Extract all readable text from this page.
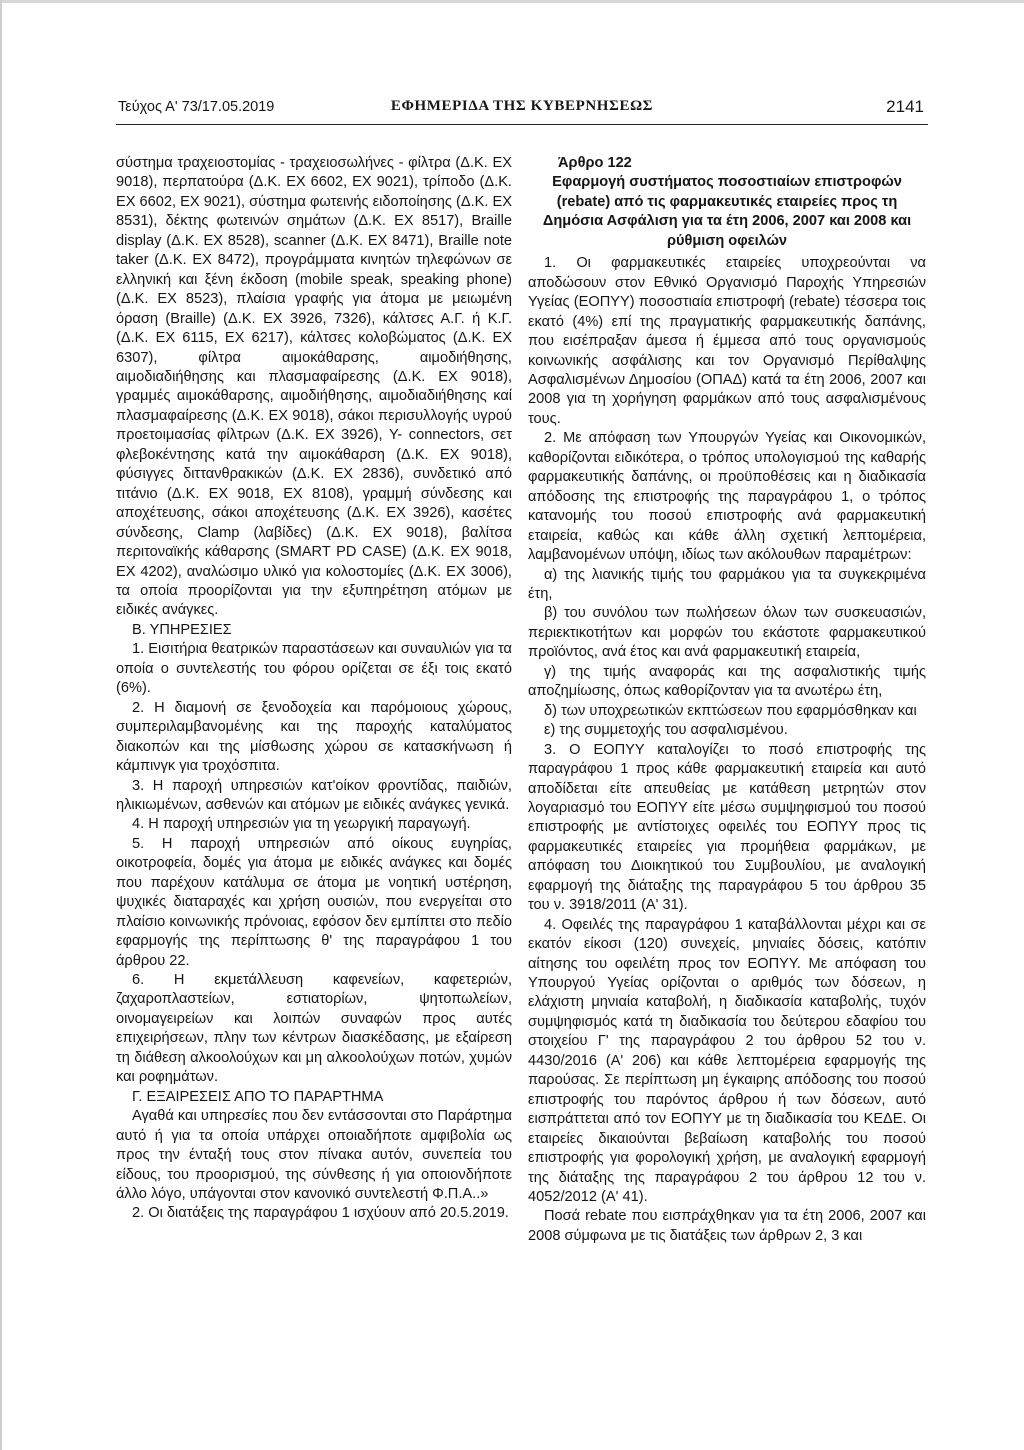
Τεύχος Α' 73/17.05.2019	ΕΦΗΜΕΡΙΔΑ ΤΗΣ ΚΥΒΕΡΝΗΣΕΩΣ	2141

σύστημα τραχειοστομίας - τραχειοσωλήνες - φίλτρα (Δ.Κ. ΕΧ 9018), περπατούρα (Δ.Κ. ΕΧ 6602, ΕΧ 9021), τρίποδο (Δ.Κ. ΕΧ 6602, ΕΧ 9021), σύστημα φωτεινής ειδοποίησης (Δ.Κ. ΕΧ 8531), δέκτης φωτεινών σημάτων (Δ.Κ. ΕΧ 8517), Braille display (Δ.Κ. ΕΧ 8528), scanner (Δ.Κ. ΕΧ 8471), Braille note taker (Δ.Κ. ΕΧ 8472), προγράμματα κινητών τηλεφώνων σε ελληνική και ξένη έκδοση (mobile speak, speaking phone) (Δ.Κ. ΕΧ 8523), πλαίσια γραφής για άτομα με μειωμένη όραση (Braille) (Δ.Κ. ΕΧ 3926, 7326), κάλτσες Α.Γ. ή Κ.Γ. (Δ.Κ. ΕΧ 6115, ΕΧ 6217), κάλτσες κολοβώματος (Δ.Κ. ΕΧ 6307), φίλτρα αιμοκάθαρσης, αιμοδιήθησης, αιμοδιαδιήθησης και πλασμαφαίρεσης (Δ.Κ. ΕΧ 9018), γραμμές αιμοκάθαρσης, αιμοδιήθησης, αιμοδιαδιήθησης καί πλασμαφαίρεσης (Δ.Κ. ΕΧ 9018), σάκοι περισυλλογής υγρού προετοιμασίας φίλτρων (Δ.Κ. ΕΧ 3926), Y- connectors, σετ φλεβοκέντησης κατά την αιμοκάθαρση (Δ.Κ. ΕΧ 9018), φύσιγγες διττανθρακικών (Δ.Κ. ΕΧ 2836), συνδετικό από τιτάνιο (Δ.Κ. ΕΧ 9018, ΕΧ 8108), γραμμή σύνδεσης και αποχέτευσης, σάκοι αποχέτευσης (Δ.Κ. ΕΧ 3926), κασέτες σύνδεσης, Clamp (λαβίδες) (Δ.Κ. ΕΧ 9018), βαλίτσα περιτοναϊκής κάθαρσης (SMART PD CASE) (Δ.Κ. ΕΧ 9018, ΕΧ 4202), αναλώσιμο υλικό για κολοστομίες (Δ.Κ. ΕΧ 3006), τα οποία προορίζονται για την εξυπηρέτηση ατόμων με ειδικές ανάγκες.

Β. ΥΠΗΡΕΣΙΕΣ

1. Εισιτήρια θεατρικών παραστάσεων και συναυλιών για τα οποία ο συντελεστής του φόρου ορίζεται σε έξι τοις εκατό (6%).

2. Η διαμονή σε ξενοδοχεία και παρόμοιους χώρους, συμπεριλαμβανομένης και της παροχής καταλύματος διακοπών και της μίσθωσης χώρου σε κατασκήνωση ή κάμπινγκ για τροχόσπιτα.

3. Η παροχή υπηρεσιών κατ'οίκον φροντίδας, παιδιών, ηλικιωμένων, ασθενών και ατόμων με ειδικές ανάγκες γενικά.

4. Η παροχή υπηρεσιών για τη γεωργική παραγωγή.

5. Η παροχή υπηρεσιών από οίκους ευγηρίας, οικοτροφεία, δομές για άτομα με ειδικές ανάγκες και δομές που παρέχουν κατάλυμα σε άτομα με νοητική υστέρηση, ψυχικές διαταραχές και χρήση ουσιών, που ενεργείται στο πλαίσιο κοινωνικής πρόνοιας, εφόσον δεν εμπίπτει στο πεδίο εφαρμογής της περίπτωσης θ' της παραγράφου 1 του άρθρου 22.

6. Η εκμετάλλευση καφενείων, καφετεριών, ζαχαροπλαστείων, εστιατορίων, ψητοπωλείων, οινομαγειρείων και λοιπών συναφών προς αυτές επιχειρήσεων, πλην των κέντρων διασκέδασης, με εξαίρεση τη διάθεση αλκοολούχων και μη αλκοολούχων ποτών, χυμών και ροφημάτων.

Γ. ΕΞΑΙΡΕΣΕΙΣ ΑΠΟ ΤΟ ΠΑΡΑΡΤΗΜΑ

Αγαθά και υπηρεσίες που δεν εντάσσονται στο Παράρτημα αυτό ή για τα οποία υπάρχει οποιαδήποτε αμφιβολία ως προς την ένταξή τους στον πίνακα αυτόν, συνεπεία του είδους, του προορισμού, της σύνθεσης ή για οποιονδήποτε άλλο λόγο, υπάγονται στον κανονικό συντελεστή Φ.Π.Α..»

2. Οι διατάξεις της παραγράφου 1 ισχύουν από 20.5.2019.

Άρθρο 122
Εφαρμογή συστήματος ποσοστιαίων επιστροφών (rebate) από τις φαρμακευτικές εταιρείες προς τη Δημόσια Ασφάλιση για τα έτη 2006, 2007 και 2008 και ρύθμιση οφειλών

1. Οι φαρμακευτικές εταιρείες υποχρεούνται να αποδώσουν στον Εθνικό Οργανισμό Παροχής Υπηρεσιών Υγείας (ΕΟΠΥΥ) ποσοστιαία επιστροφή (rebate) τέσσερα τοις εκατό (4%) επί της πραγματικής φαρμακευτικής δαπάνης, που εισέπραξαν άμεσα ή έμμεσα από τους οργανισμούς κοινωνικής ασφάλισης και τον Οργανισμό Περίθαλψης Ασφαλισμένων Δημοσίου (ΟΠΑΔ) κατά τα έτη 2006, 2007 και 2008 για τη χορήγηση φαρμάκων από τους ασφαλισμένους τους.

2. Με απόφαση των Υπουργών Υγείας και Οικονομικών, καθορίζονται ειδικότερα, ο τρόπος υπολογισμού της καθαρής φαρμακευτικής δαπάνης, οι προϋποθέσεις και η διαδικασία απόδοσης της επιστροφής της παραγράφου 1, ο τρόπος κατανομής του ποσού επιστροφής ανά φαρμακευτική εταιρεία, καθώς και κάθε άλλη σχετική λεπτομέρεια, λαμβανομένων υπόψη, ιδίως των ακόλουθων παραμέτρων:

α) της λιανικής τιμής του φαρμάκου για τα συγκεκριμένα έτη,

β) του συνόλου των πωλήσεων όλων των συσκευασιών, περιεκτικοτήτων και μορφών του εκάστοτε φαρμακευτικού προϊόντος, ανά έτος και ανά φαρμακευτική εταιρεία,

γ) της τιμής αναφοράς και της ασφαλιστικής τιμής αποζημίωσης, όπως καθορίζονταν για τα ανωτέρω έτη,

δ) των υποχρεωτικών εκπτώσεων που εφαρμόσθηκαν και

ε) της συμμετοχής του ασφαλισμένου.

3. Ο ΕΟΠΥΥ καταλογίζει το ποσό επιστροφής της παραγράφου 1 προς κάθε φαρμακευτική εταιρεία και αυτό αποδίδεται είτε απευθείας με κατάθεση μετρητών στον λογαριασμό του ΕΟΠΥΥ είτε μέσω συμψηφισμού του ποσού επιστροφής με αντίστοιχες οφειλές του ΕΟΠΥΥ προς τις φαρμακευτικές εταιρείες για προμήθεια φαρμάκων, με απόφαση του Διοικητικού του Συμβουλίου, με αναλογική εφαρμογή της διάταξης της παραγράφου 5 του άρθρου 35 του ν. 3918/2011 (Α' 31).

4. Οφειλές της παραγράφου 1 καταβάλλονται μέχρι και σε εκατόν είκοσι (120) συνεχείς, μηνιαίες δόσεις, κατόπιν αίτησης του οφειλέτη προς τον ΕΟΠΥΥ. Με απόφαση του Υπουργού Υγείας ορίζονται ο αριθμός των δόσεων, η ελάχιστη μηνιαία καταβολή, η διαδικασία καταβολής, τυχόν συμψηφισμός κατά τη διαδικασία του δεύτερου εδαφίου του στοιχείου Γ' της παραγράφου 2 του άρθρου 52 του ν. 4430/2016 (Α' 206) και κάθε λεπτομέρεια εφαρμογής της παρούσας. Σε περίπτωση μη έγκαιρης απόδοσης του ποσού επιστροφής του παρόντος άρθρου ή των δόσεων, αυτό εισπράττεται από τον ΕΟΠΥΥ με τη διαδικασία του ΚΕΔΕ. Οι εταιρείες δικαιούνται βεβαίωση καταβολής του ποσού επιστροφής για φορολογική χρήση, με αναλογική εφαρμογή της διάταξης της παραγράφου 2 του άρθρου 12 του ν. 4052/2012 (Α' 41).

Ποσά rebate που εισπράχθηκαν για τα έτη 2006, 2007 και 2008 σύμφωνα με τις διατάξεις των άρθρων 2, 3 και
